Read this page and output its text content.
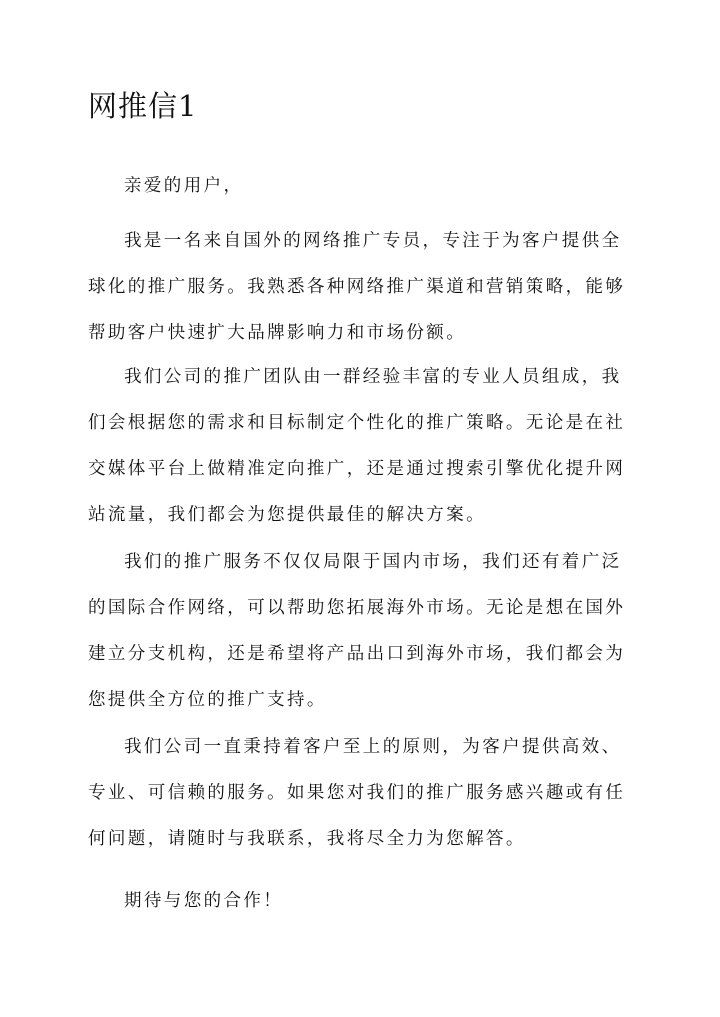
网推信1

亲爱的用户，

我是一名来自国外的网络推广专员，专注于为客户提供全球化的推广服务。我熟悉各种网络推广渠道和营销策略，能够帮助客户快速扩大品牌影响力和市场份额。

我们公司的推广团队由一群经验丰富的专业人员组成，我们会根据您的需求和目标制定个性化的推广策略。无论是在社交媒体平台上做精准定向推广，还是通过搜索引擎优化提升网站流量，我们都会为您提供最佳的解决方案。

我们的推广服务不仅仅局限于国内市场，我们还有着广泛的国际合作网络，可以帮助您拓展海外市场。无论是想在国外建立分支机构，还是希望将产品出口到海外市场，我们都会为您提供全方位的推广支持。

我们公司一直秉持着客户至上的原则，为客户提供高效、专业、可信赖的服务。如果您对我们的推广服务感兴趣或有任何问题，请随时与我联系，我将尽全力为您解答。

期待与您的合作！
